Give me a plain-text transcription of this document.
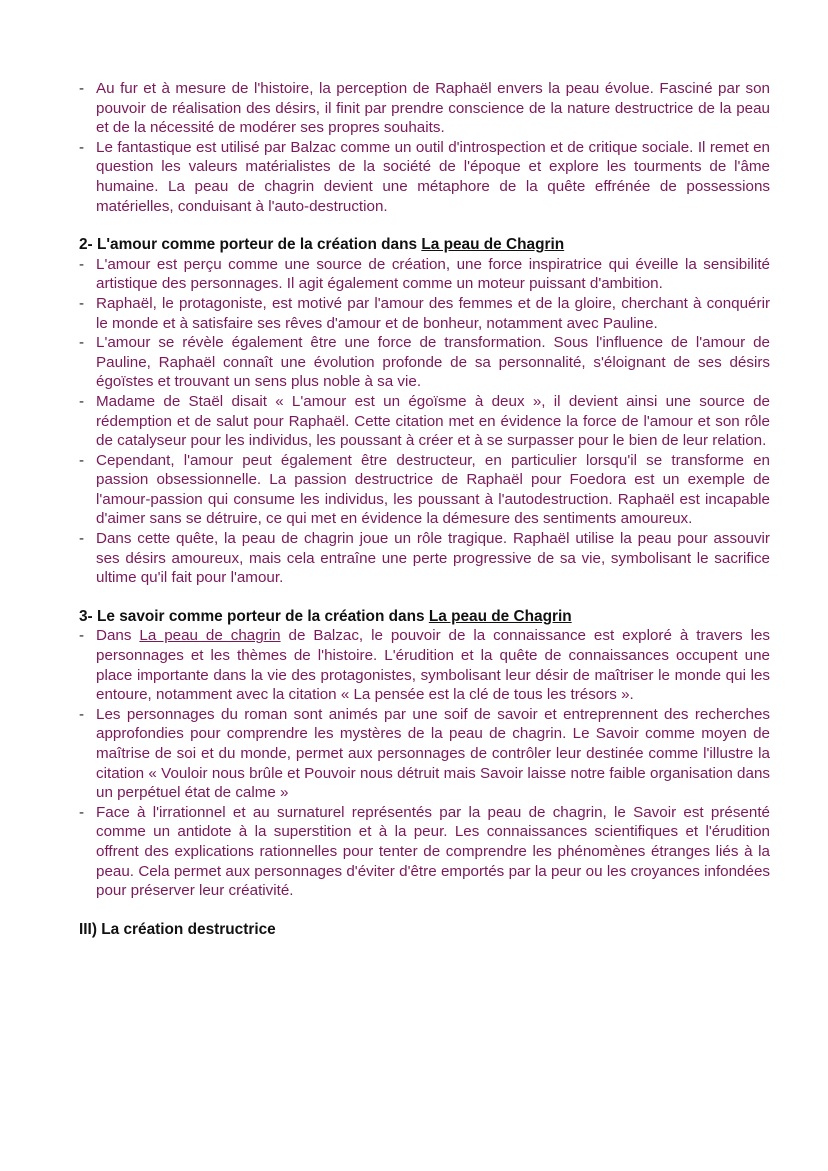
- Au fur et à mesure de l'histoire, la perception de Raphaël envers la peau évolue. Fasciné par son pouvoir de réalisation des désirs, il finit par prendre conscience de la nature destructrice de la peau et de la nécessité de modérer ses propres souhaits.
- Le fantastique est utilisé par Balzac comme un outil d'introspection et de critique sociale. Il remet en question les valeurs matérialistes de la société de l'époque et explore les tourments de l'âme humaine. La peau de chagrin devient une métaphore de la quête effrénée de possessions matérielles, conduisant à l'auto-destruction.

2- L'amour comme porteur de la création dans La peau de Chagrin

- L'amour est perçu comme une source de création, une force inspiratrice qui éveille la sensibilité artistique des personnages. Il agit également comme un moteur puissant d'ambition.
- Raphaël, le protagoniste, est motivé par l'amour des femmes et de la gloire, cherchant à conquérir le monde et à satisfaire ses rêves d'amour et de bonheur, notamment avec Pauline.
- L'amour se révèle également être une force de transformation. Sous l'influence de l'amour de Pauline, Raphaël connaît une évolution profonde de sa personnalité, s'éloignant de ses désirs égoïstes et trouvant un sens plus noble à sa vie.
- Madame de Staël disait « L'amour est un égoïsme à deux », il devient ainsi une source de rédemption et de salut pour Raphaël. Cette citation met en évidence la force de l'amour et son rôle de catalyseur pour les individus, les poussant à créer et à se surpasser pour le bien de leur relation.
- Cependant, l'amour peut également être destructeur, en particulier lorsqu'il se transforme en passion obsessionnelle. La passion destructrice de Raphaël pour Foedora est un exemple de l'amour-passion qui consume les individus, les poussant à l'autodestruction. Raphaël est incapable d'aimer sans se détruire, ce qui met en évidence la démesure des sentiments amoureux.
- Dans cette quête, la peau de chagrin joue un rôle tragique. Raphaël utilise la peau pour assouvir ses désirs amoureux, mais cela entraîne une perte progressive de sa vie, symbolisant le sacrifice ultime qu'il fait pour l'amour.

3- Le savoir comme porteur de la création dans La peau de Chagrin

- Dans La peau de chagrin de Balzac, le pouvoir de la connaissance est exploré à travers les personnages et les thèmes de l'histoire. L'érudition et la quête de connaissances occupent une place importante dans la vie des protagonistes, symbolisant leur désir de maîtriser le monde qui les entoure, notamment avec la citation « La pensée est la clé de tous les trésors ».
- Les personnages du roman sont animés par une soif de savoir et entreprennent des recherches approfondies pour comprendre les mystères de la peau de chagrin. Le Savoir comme moyen de maîtrise de soi et du monde, permet aux personnages de contrôler leur destinée comme l'illustre la citation « Vouloir nous brûle et Pouvoir nous détruit mais Savoir laisse notre faible organisation dans un perpétuel état de calme »
- Face à l'irrationnel et au surnaturel représentés par la peau de chagrin, le Savoir est présenté comme un antidote à la superstition et à la peur. Les connaissances scientifiques et l'érudition offrent des explications rationnelles pour tenter de comprendre les phénomènes étranges liés à la peau. Cela permet aux personnages d'éviter d'être emportés par la peur ou les croyances infondées pour préserver leur créativité.

III) La création destructrice
